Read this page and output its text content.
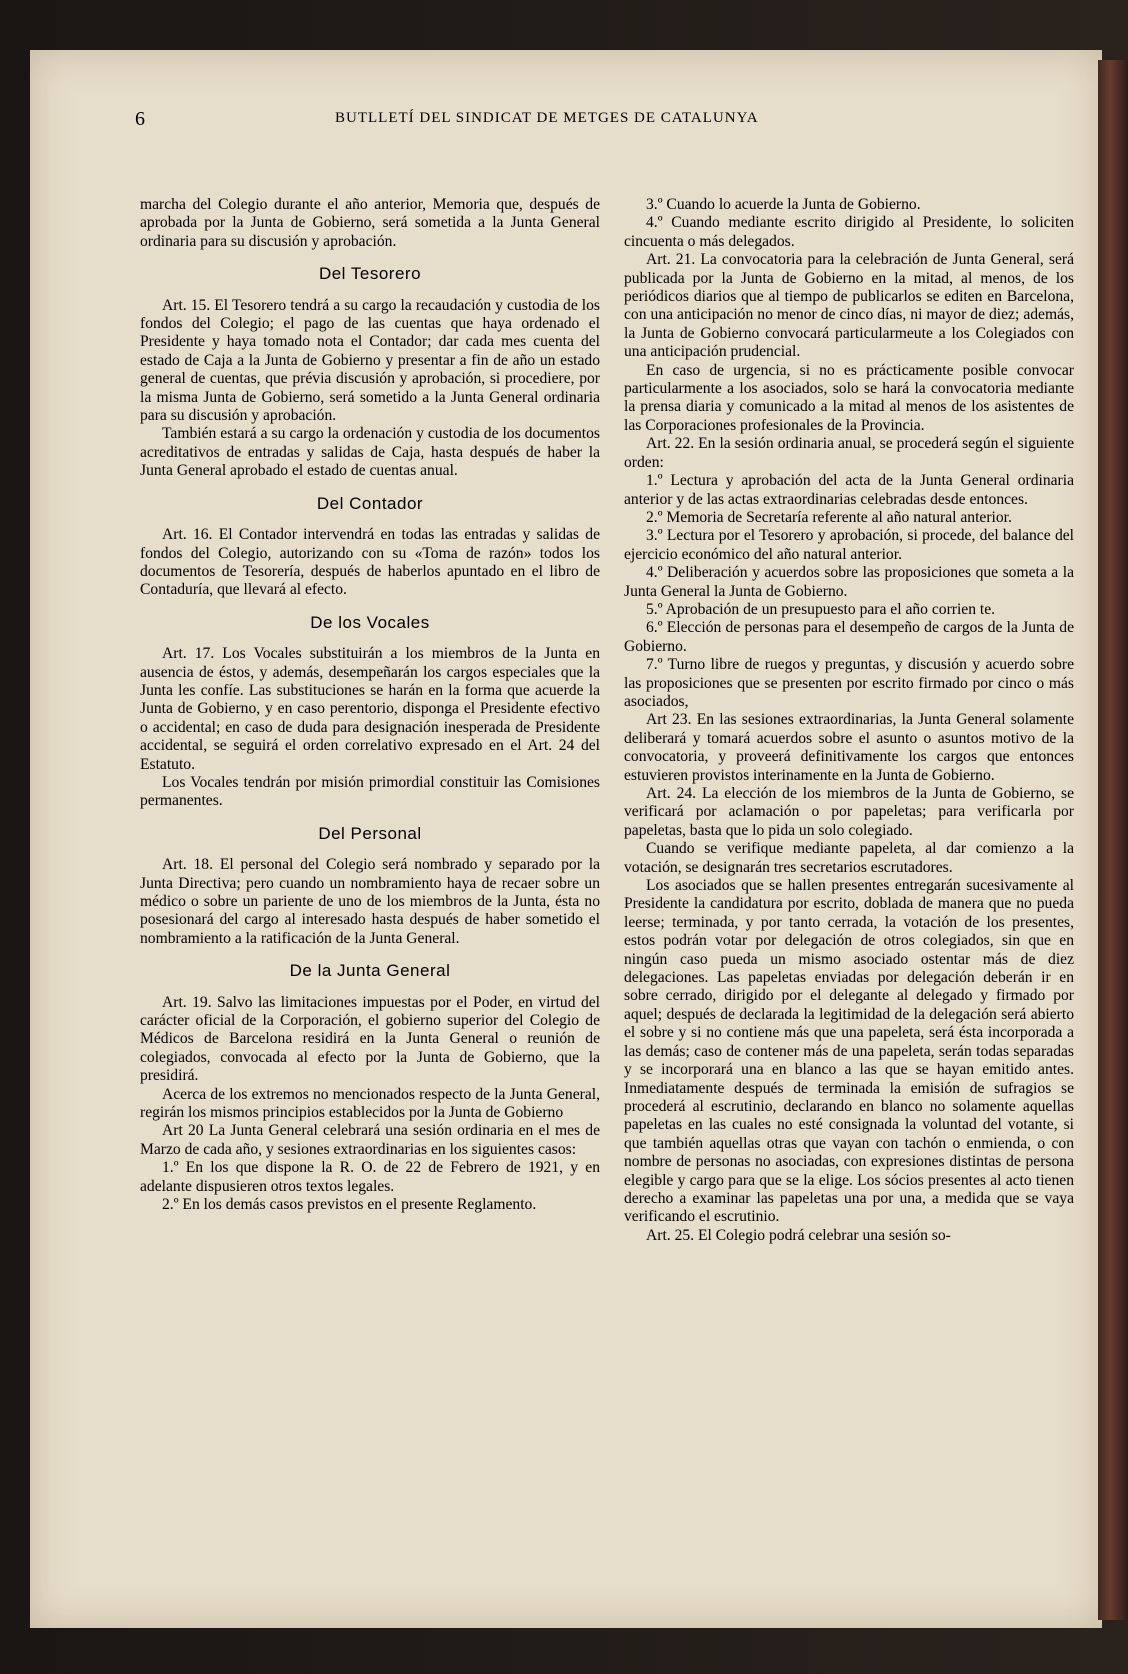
6	BUTLLETÍ DEL SINDICAT DE METGES DE CATALUNYA

marcha del Colegio durante el año anterior, Memoria que, después de aprobada por la Junta de Gobierno, será sometida a la Junta General ordinaria para su discusión y aprobación.

Del Tesorero

Art. 15. El Tesorero tendrá a su cargo la recaudación y custodia de los fondos del Colegio; el pago de las cuentas que haya ordenado el Presidente y haya tomado nota el Contador; dar cada mes cuenta del estado de Caja a la Junta de Gobierno y presentar a fin de año un estado general de cuentas, que prévia discusión y aprobación, si procediere, por la misma Junta de Gobierno, será sometido a la Junta General ordinaria para su discusión y aprobación.

También estará a su cargo la ordenación y custodia de los documentos acreditativos de entradas y salidas de Caja, hasta después de haber la Junta General aprobado el estado de cuentas anual.

Del Contador

Art. 16. El Contador intervendrá en todas las entradas y salidas de fondos del Colegio, autorizando con su «Toma de razón» todos los documentos de Tesorería, después de haberlos apuntado en el libro de Contaduría, que llevará al efecto.

De los Vocales

Art. 17. Los Vocales substituirán a los miembros de la Junta en ausencia de éstos, y además, desempeñarán los cargos especiales que la Junta les confíe. Las substituciones se harán en la forma que acuerde la Junta de Gobierno, y en caso perentorio, disponga el Presidente efectivo o accidental; en caso de duda para designación inesperada de Presidente accidental, se seguirá el orden correlativo expresado en el Art. 24 del Estatuto.

Los Vocales tendrán por misión primordial constituir las Comisiones permanentes.

Del Personal

Art. 18. El personal del Colegio será nombrado y separado por la Junta Directiva; pero cuando un nombramiento haya de recaer sobre un médico o sobre un pariente de uno de los miembros de la Junta, ésta no posesionará del cargo al interesado hasta después de haber sometido el nombramiento a la ratificación de la Junta General.

De la Junta General

Art. 19. Salvo las limitaciones impuestas por el Poder, en virtud del carácter oficial de la Corporación, el gobierno superior del Colegio de Médicos de Barcelona residirá en la Junta General o reunión de colegiados, convocada al efecto por la Junta de Gobierno, que la presidirá.

Acerca de los extremos no mencionados respecto de la Junta General, regirán los mismos principios establecidos por la Junta de Gobierno

Art 20 La Junta General celebrará una sesión ordinaria en el mes de Marzo de cada año, y sesiones extraordinarias en los siguientes casos:

1.º En los que dispone la R. O. de 22 de Febrero de 1921, y en adelante dispusieren otros textos legales.

2.º En los demás casos previstos en el presente Reglamento.

3.º Cuando lo acuerde la Junta de Gobierno.

4.º Cuando mediante escrito dirigido al Presidente, lo soliciten cincuenta o más delegados.

Art. 21. La convocatoria para la celebración de Junta General, será publicada por la Junta de Gobierno en la mitad, al menos, de los periódicos diarios que al tiempo de publicarlos se editen en Barcelona, con una anticipación no menor de cinco días, ni mayor de diez; además, la Junta de Gobierno convocará particularmeute a los Colegiados con una anticipación prudencial.

En caso de urgencia, si no es prácticamente posible convocar particularmente a los asociados, solo se hará la convocatoria mediante la prensa diaria y comunicado a la mitad al menos de los asistentes de las Corporaciones profesionales de la Provincia.

Art. 22. En la sesión ordinaria anual, se procederá según el siguiente orden:

1.º Lectura y aprobación del acta de la Junta General ordinaria anterior y de las actas extraordinarias celebradas desde entonces.

2.º Memoria de Secretaría referente al año natural anterior.

3.º Lectura por el Tesorero y aprobación, si procede, del balance del ejercicio económico del año natural anterior.

4.º Deliberación y acuerdos sobre las proposiciones que someta a la Junta General la Junta de Gobierno.

5.º Aprobación de un presupuesto para el año corrien te.

6.º Elección de personas para el desempeño de cargos de la Junta de Gobierno.

7.º Turno libre de ruegos y preguntas, y discusión y acuerdo sobre las proposiciones que se presenten por escrito firmado por cinco o más asociados,

Art 23. En las sesiones extraordinarias, la Junta General solamente deliberará y tomará acuerdos sobre el asunto o asuntos motivo de la convocatoria, y proveerá definitivamente los cargos que entonces estuvieren provistos interinamente en la Junta de Gobierno.

Art. 24. La elección de los miembros de la Junta de Gobierno, se verificará por aclamación o por papeletas; para verificarla por papeletas, basta que lo pida un solo colegiado.

Cuando se verifique mediante papeleta, al dar comienzo a la votación, se designarán tres secretarios escrutadores.

Los asociados que se hallen presentes entregarán sucesivamente al Presidente la candidatura por escrito, doblada de manera que no pueda leerse; terminada, y por tanto cerrada, la votación de los presentes, estos podrán votar por delegación de otros colegiados, sin que en ningún caso pueda un mismo asociado ostentar más de diez delegaciones. Las papeletas enviadas por delegación deberán ir en sobre cerrado, dirigido por el delegante al delegado y firmado por aquel; después de declarada la legitimidad de la delegación será abierto el sobre y si no contiene más que una papeleta, será ésta incorporada a las demás; caso de contener más de una papeleta, serán todas separadas y se incorporará una en blanco a las que se hayan emitido antes. Inmediatamente después de terminada la emisión de sufragios se procederá al escrutinio, declarando en blanco no solamente aquellas papeletas en las cuales no esté consignada la voluntad del votante, si que también aquellas otras que vayan con tachón o enmienda, o con nombre de personas no asociadas, con expresiones distintas de persona elegible y cargo para que se la elige. Los sócios presentes al acto tienen derecho a examinar las papeletas una por una, a medida que se vaya verificando el escrutinio.

Art. 25. El Colegio podrá celebrar una sesión so-
